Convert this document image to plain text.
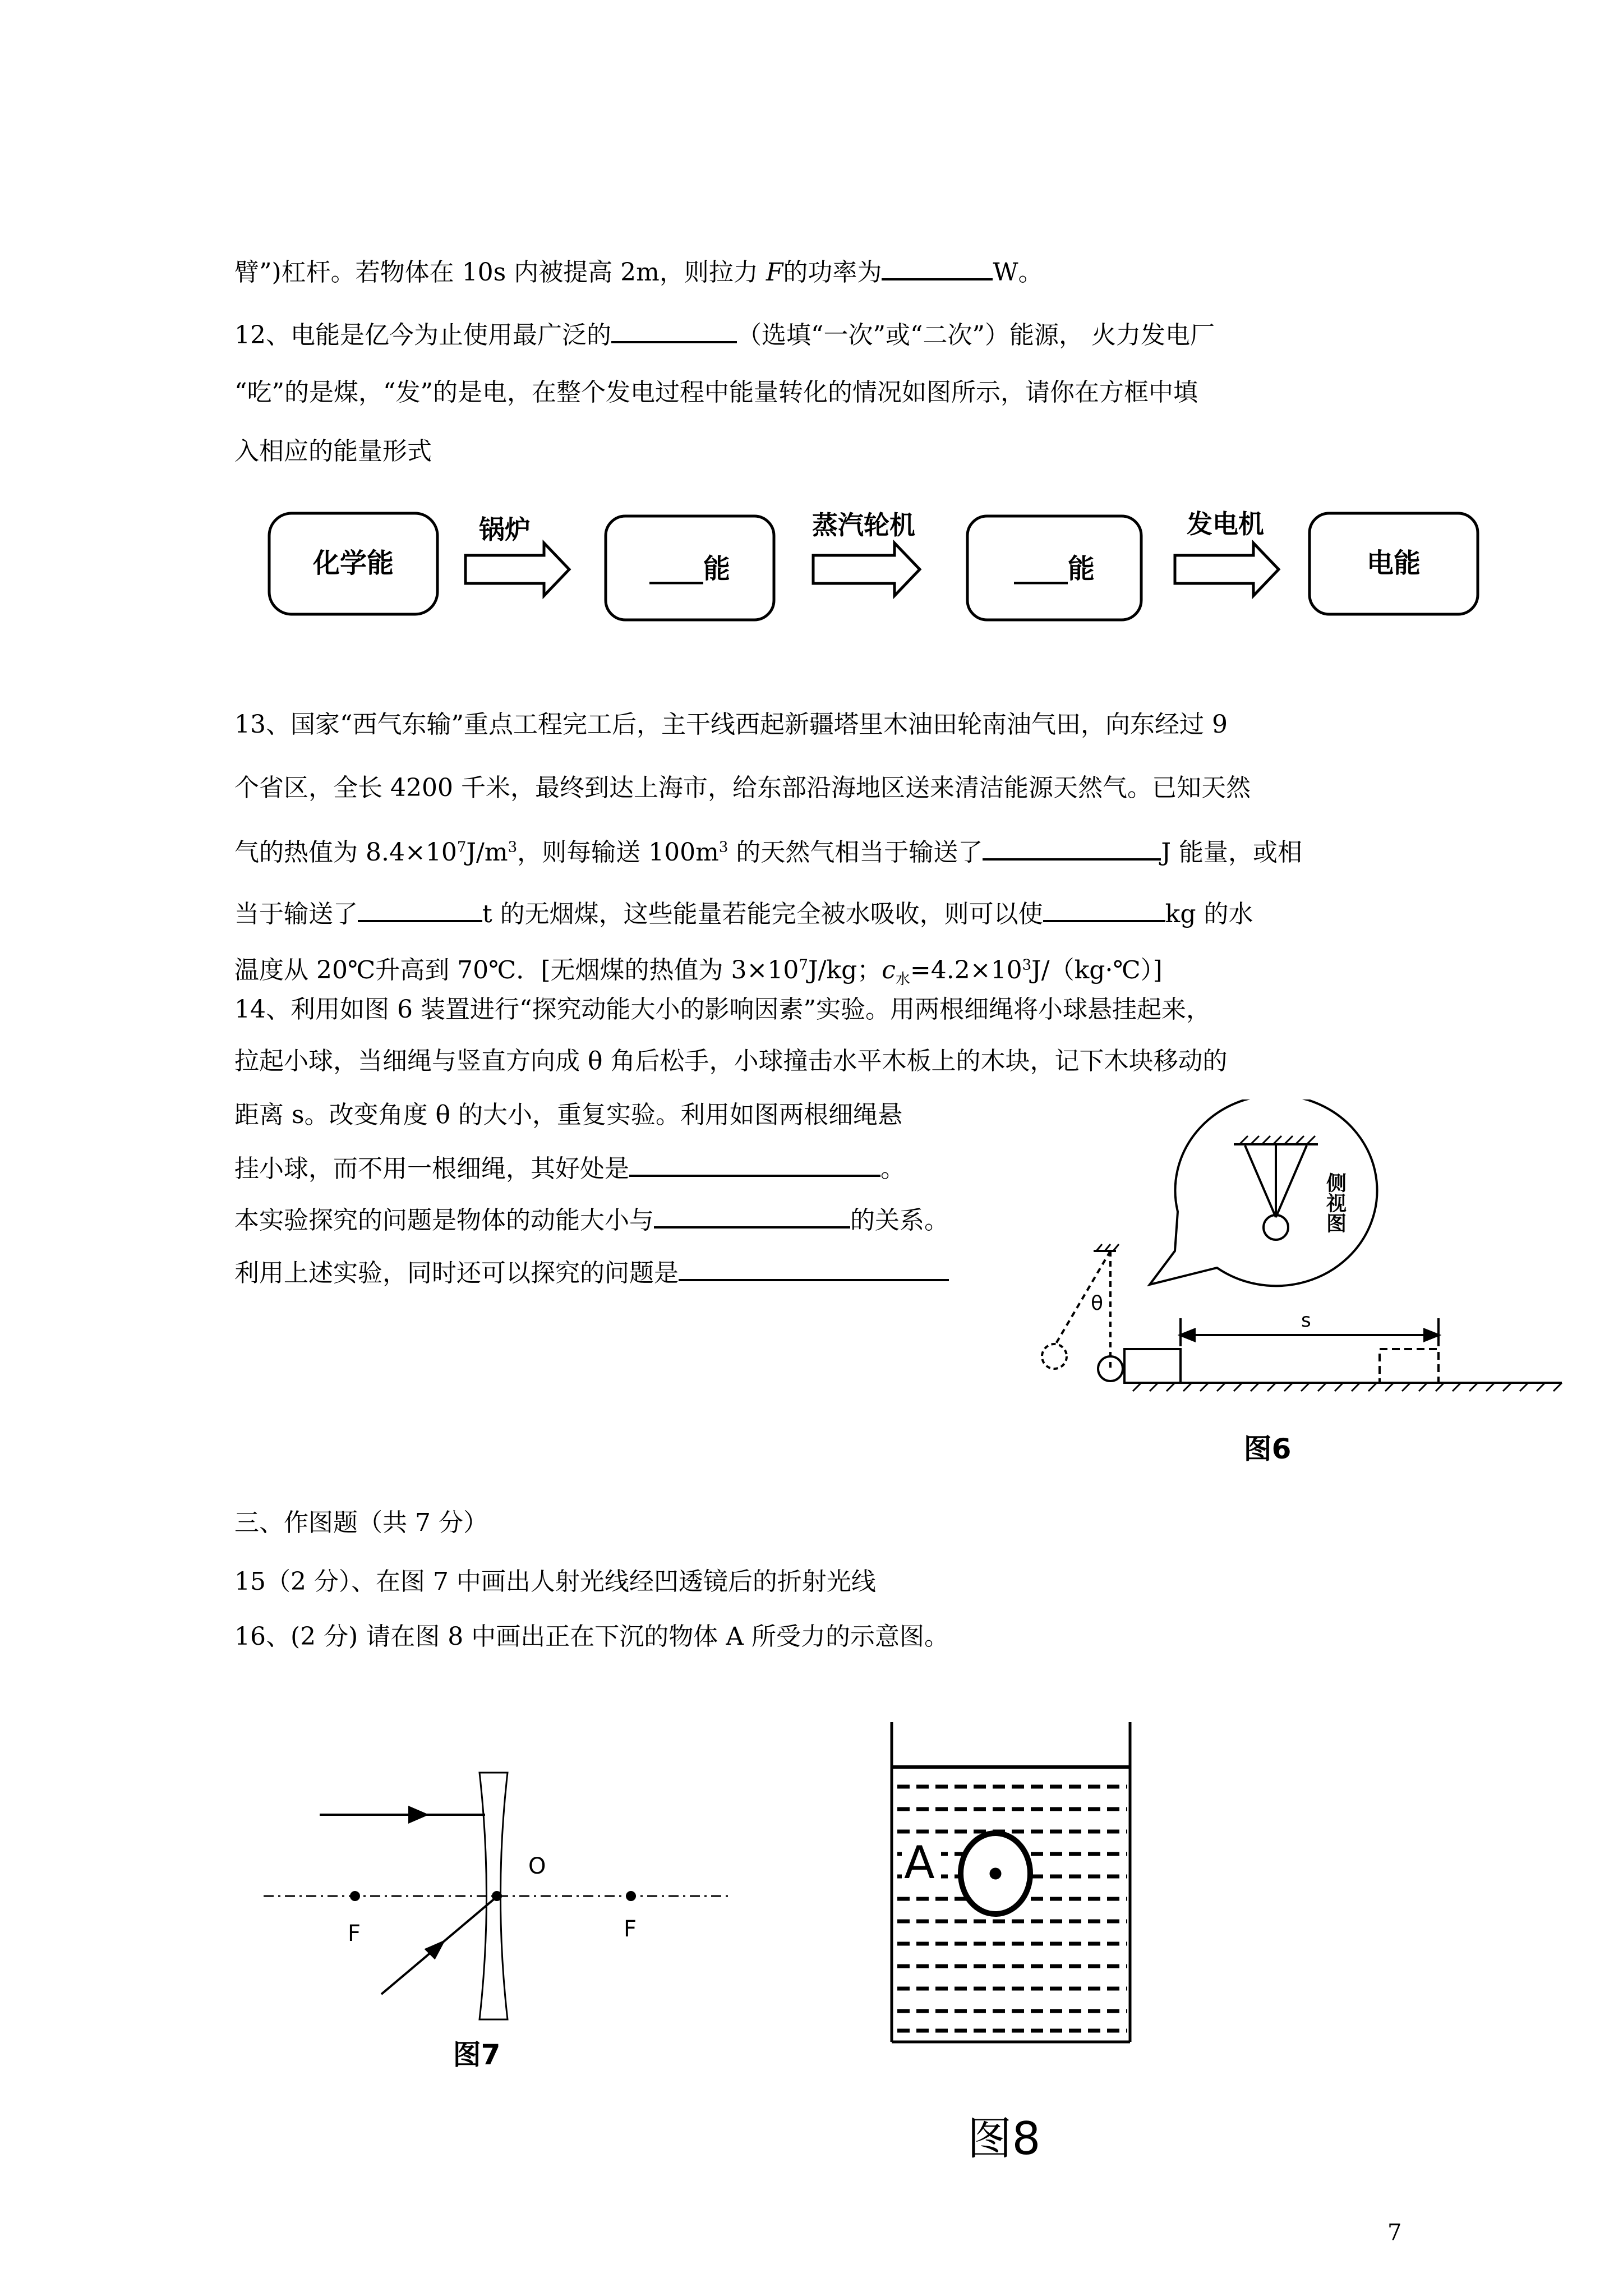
臂”)杠杆。若物体在 10s 内被提高 2m，则拉力 F的功率为	W。
12、电能是亿今为止使用最广泛的	（选填“一次”或“二次”）能源， 火力发电厂
“吃”的是煤，“发”的是电，在整个发电过程中能量转化的情况如图所示，请你在方框中填
入相应的能量形式
化学能	____能	____能	电能
锅炉	蒸汽轮机	发电机
13、国家“西气东输”重点工程完工后，主干线西起新疆塔里木油田轮南油气田，向东经过 9
个省区，全长 4200 千米，最终到达上海市，给东部沿海地区送来清洁能源天然气。已知天然
气的热值为 $8.4\times 10^7J/m^3$，则每输送 $100m^3$ 的天然气相当于输送了	J 能量，或相
当于输送了	t 的无烟煤，这些能量若能完全被水吸收，则可以使	kg 的水
温度从 20℃升高到 70℃．[无烟煤的热值为 $3\times 10^7J/kg$；$c_水=4.2\times 10^3J/(kg\cdot℃)$]
14、利用如图 6 装置进行“探究动能大小的影响因素”实验。用两根细绳将小球悬挂起来，
拉起小球，当细绳与竖直方向成 θ 角后松手，小球撞击水平木板上的木块，记下木块移动的
距离 s。改变角度 θ 的大小，重复实验。利用如图两根细绳悬
挂小球，而不用一根细绳，其好处是	。
本实验探究的问题是物体的动能大小与	的关系。
利用上述实验，同时还可以探究的问题是
侧视图
θ
s
图6
三、作图题（共 7 分）
15（2 分）、在图 7 中画出人射光线经凹透镜后的折射光线
16、(2 分) 请在图 8 中画出正在下沉的物体 A 所受力的示意图。
O
F	F
图7
A
图8
7
